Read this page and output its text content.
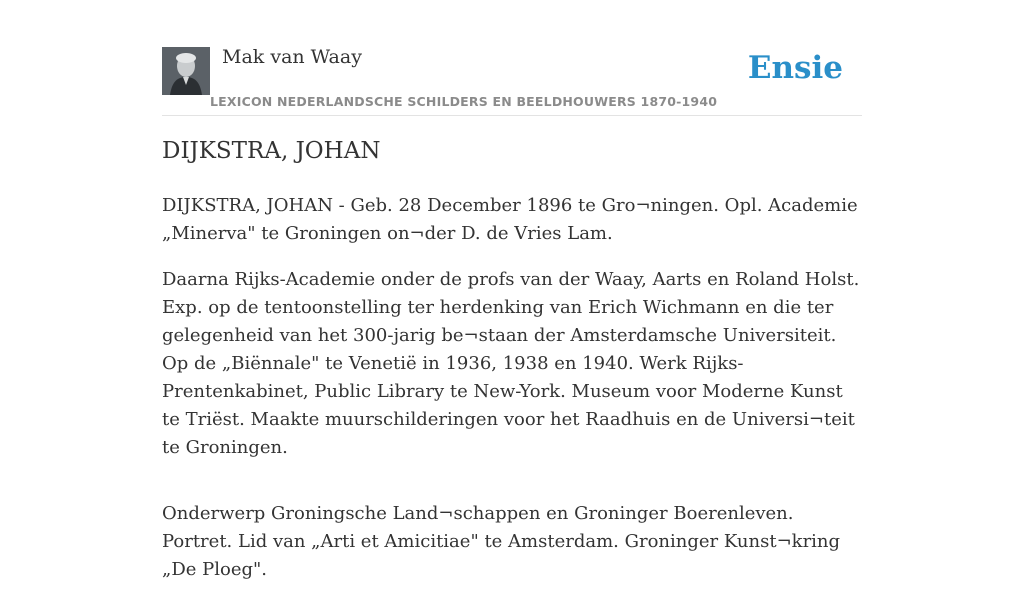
Mak van Waay
LEXICON NEDERLANDSCHE SCHILDERS EN BEELDHOUWERS 1870-1940
Ensie
DIJKSTRA, JOHAN

DIJKSTRA, JOHAN - Geb. 28 December 1896 te Gro¬ningen. Opl. Academie „Minerva" te Groningen on¬der D. de Vries Lam.

Daarna Rijks-Academie onder de profs van der Waay, Aarts en Roland Holst. Exp. op de tentoonstelling ter herdenking van Erich Wichmann en die ter gelegenheid van het 300-jarig be¬staan der Amsterdamsche Universiteit. Op de „Biënnale" te Venetië in 1936, 1938 en 1940. Werk Rijks-Prentenkabinet, Public Library te New-York. Museum voor Moderne Kunst te Triëst. Maakte muurschilderingen voor het Raadhuis en de Universi¬teit te Groningen.

Onderwerp Groningsche Land¬schappen en Groninger Boerenleven. Portret. Lid van „Arti et Amicitiae" te Amsterdam. Groninger Kunst¬kring „De Ploeg".
